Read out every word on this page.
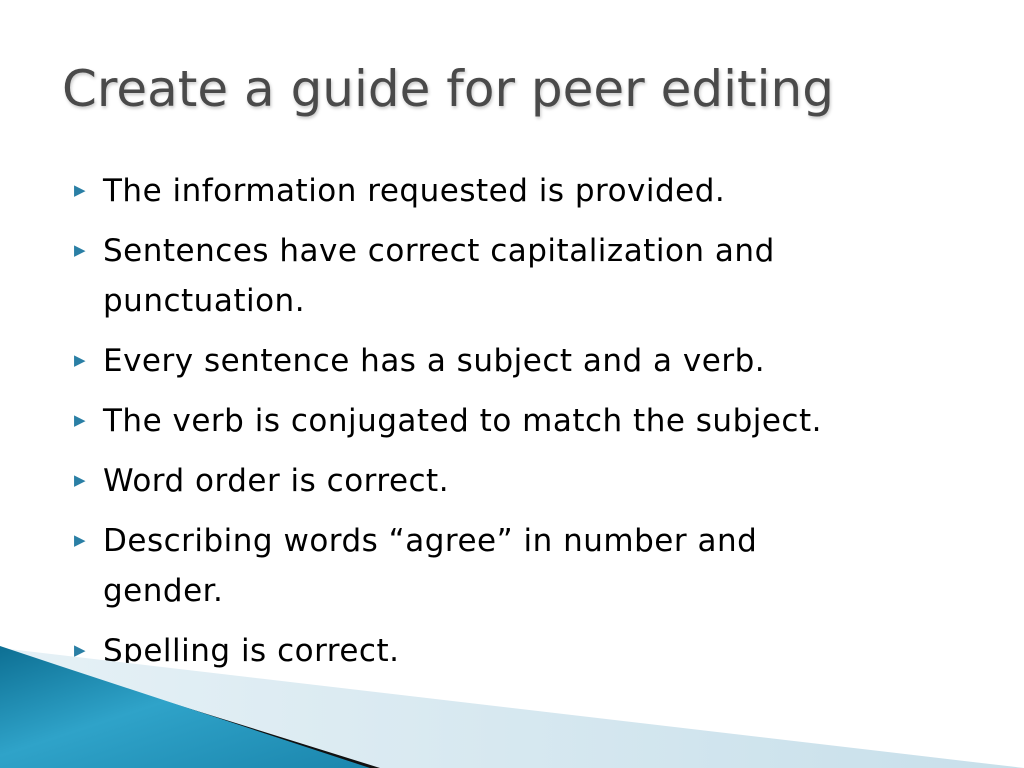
Create a guide for peer editing
▶ The information requested is provided.
▶ Sentences have correct capitalization and
punctuation.
▶ Every sentence has a subject and a verb.
▶ The verb is conjugated to match the subject.
▶ Word order is correct.
▶ Describing words “agree” in number and
gender.
▶ Spelling is correct.
